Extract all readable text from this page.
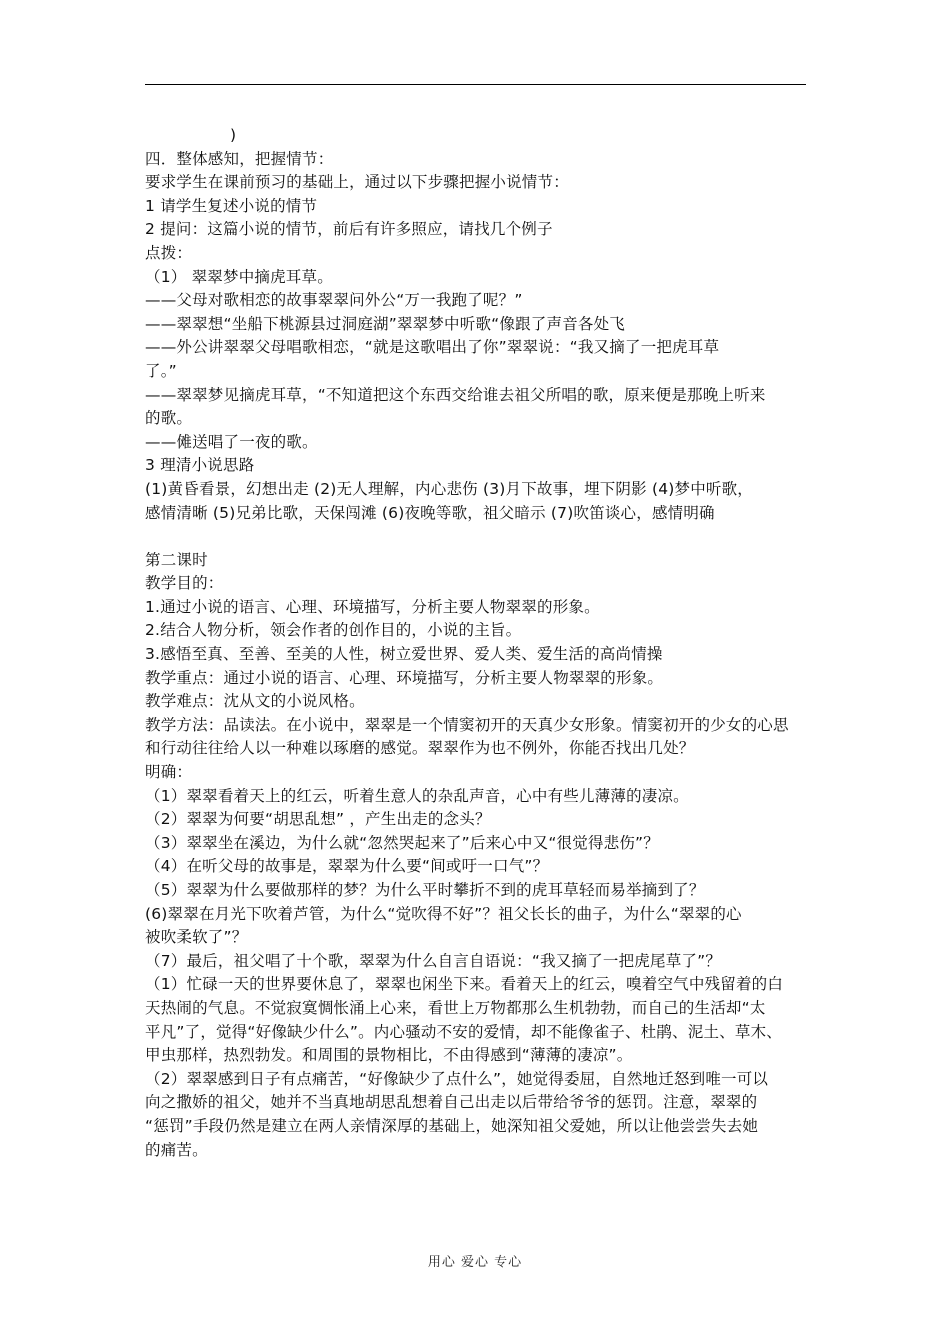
)

四．整体感知，把握情节：

要求学生在课前预习的基础上，通过以下步骤把握小说情节：

1 请学生复述小说的情节

2 提问：这篇小说的情节，前后有许多照应，请找几个例子

点拨：

（1） 翠翠梦中摘虎耳草。

——父母对歌相恋的故事翠翠问外公“万一我跑了呢？”

——翠翠想“坐船下桃源县过洞庭湖”翠翠梦中听歌“像跟了声音各处飞

——外公讲翠翠父母唱歌相恋，“就是这歌唱出了你”翠翠说：“我又摘了一把虎耳草

了。”

——翠翠梦见摘虎耳草，“不知道把这个东西交给谁去祖父所唱的歌，原来便是那晚上听来

的歌。

——傩送唱了一夜的歌。

3 理清小说思路

(1)黄昏看景，幻想出走 (2)无人理解，内心悲伤 (3)月下故事，埋下阴影 (4)梦中听歌，

感情清晰 (5)兄弟比歌，天保闯滩 (6)夜晚等歌，祖父暗示 (7)吹笛谈心，感情明确

第二课时

教学目的：

1.通过小说的语言、心理、环境描写，分析主要人物翠翠的形象。

2.结合人物分析，领会作者的创作目的，小说的主旨。

3.感悟至真、至善、至美的人性，树立爱世界、爱人类、爱生活的高尚情操

教学重点：通过小说的语言、心理、环境描写，分析主要人物翠翠的形象。

教学难点：沈从文的小说风格。

教学方法：品读法。在小说中，翠翠是一个情窦初开的天真少女形象。情窦初开的少女的心思

和行动往往给人以一种难以琢磨的感觉。翠翠作为也不例外，你能否找出几处？

明确：

（1）翠翠看着天上的红云，听着生意人的杂乱声音，心中有些儿薄薄的凄凉。

（2）翠翠为何要“胡思乱想” ，产生出走的念头？

（3）翠翠坐在溪边，为什么就“忽然哭起来了”后来心中又“很觉得悲伤”？

（4）在听父母的故事是，翠翠为什么要“间或吁一口气”？

（5）翠翠为什么要做那样的梦？为什么平时攀折不到的虎耳草轻而易举摘到了？

(6)翠翠在月光下吹着芦管，为什么“觉吹得不好”？祖父长长的曲子，为什么“翠翠的心

被吹柔软了”？

（7）最后，祖父唱了十个歌，翠翠为什么自言自语说：“我又摘了一把虎尾草了”？

（1）忙碌一天的世界要休息了，翠翠也闲坐下来。看着天上的红云，嗅着空气中残留着的白

天热闹的气息。不觉寂寞惆怅涌上心来，看世上万物都那么生机勃勃，而自己的生活却“太

平凡”了，觉得“好像缺少什么”。内心骚动不安的爱情，却不能像雀子、杜鹃、泥土、草木、

甲虫那样，热烈勃发。和周围的景物相比，不由得感到“薄薄的凄凉”。

（2）翠翠感到日子有点痛苦，“好像缺少了点什么”，她觉得委屈，自然地迁怒到唯一可以

向之撒娇的祖父，她并不当真地胡思乱想着自己出走以后带给爷爷的惩罚。注意，翠翠的

“惩罚”手段仍然是建立在两人亲情深厚的基础上，她深知祖父爱她，所以让他尝尝失去她

的痛苦。

用心 爱心 专心
